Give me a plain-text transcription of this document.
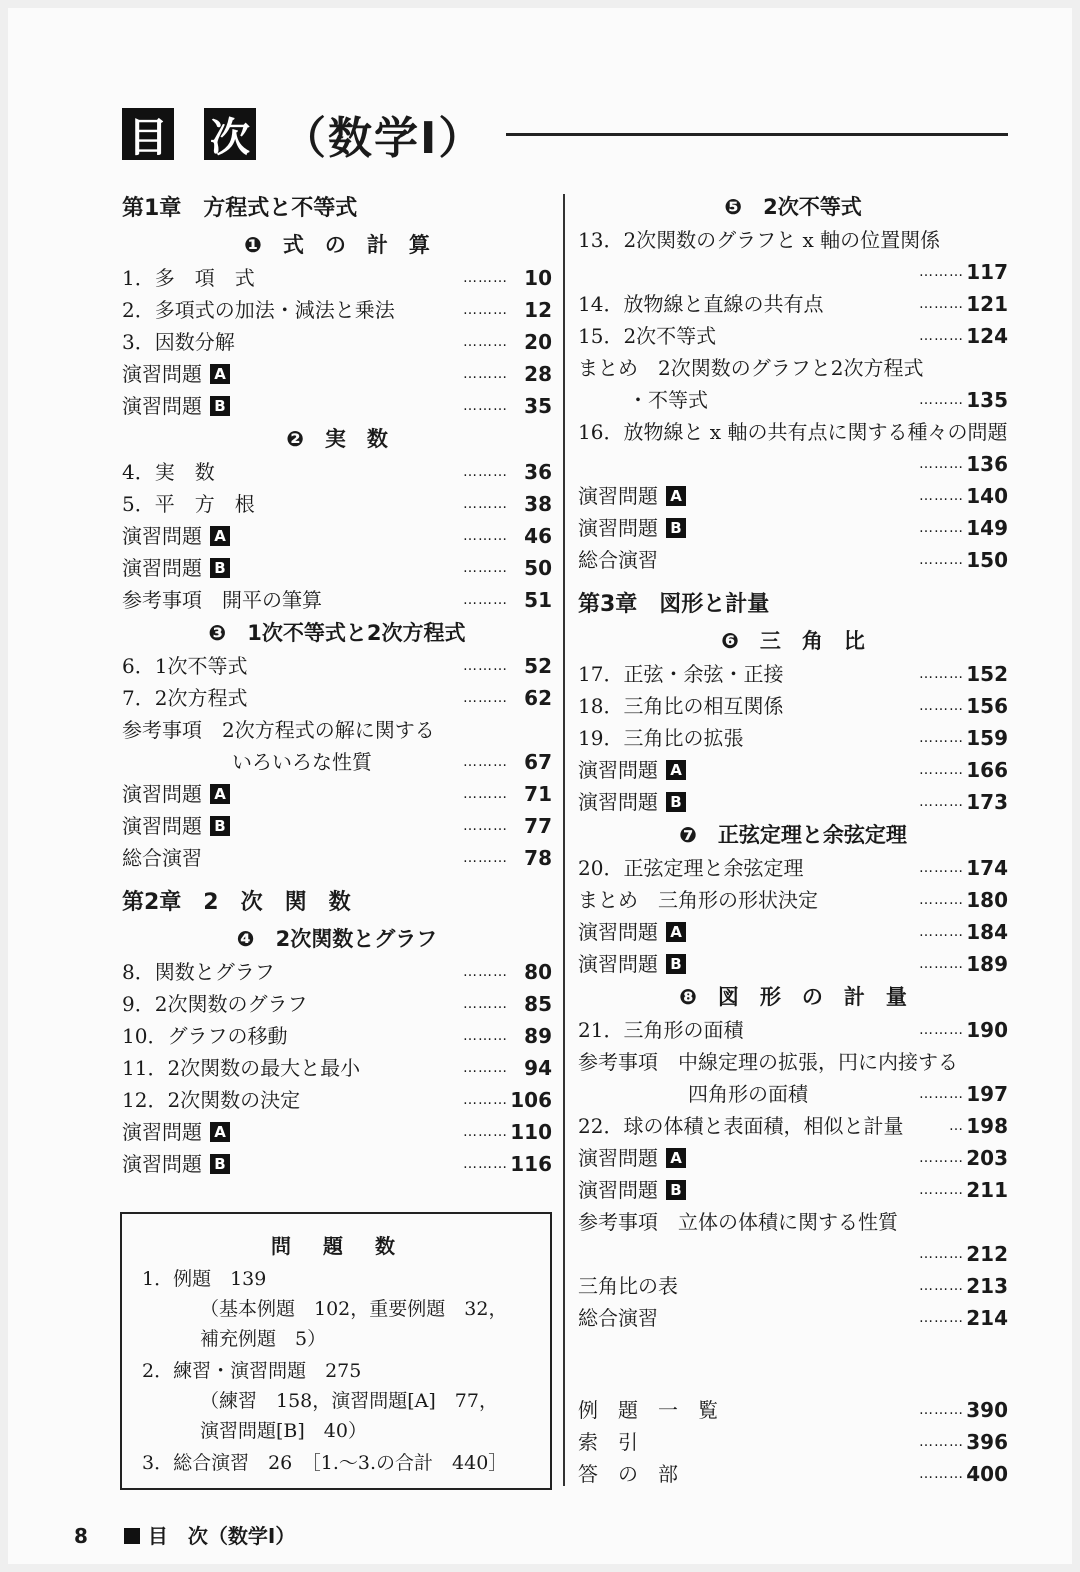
目 次 （数学Ⅰ）
第1章　方程式と不等式
❶　式　の　計　算
1．多　項　式	……… 10
2．多項式の加法・減法と乗法	……… 12
3．因数分解	……… 20
演習問題 A	……… 28
演習問題 B	……… 35
❷　実　数
4．実　数	……… 36
5．平　方　根	……… 38
演習問題 A	……… 46
演習問題 B	……… 50
参考事項　開平の筆算	……… 51
❸　1次不等式と2次方程式
6．1次不等式	……… 52
7．2次方程式	……… 62
参考事項　2次方程式の解に関する
いろいろな性質	……… 67
演習問題 A	……… 71
演習問題 B	……… 77
総合演習	……… 78
第2章　2　次　関　数
❹　2次関数とグラフ
8．関数とグラフ	……… 80
9．2次関数のグラフ	……… 85
10．グラフの移動	……… 89
11．2次関数の最大と最小	……… 94
12．2次関数の決定	……… 106
演習問題 A	……… 110
演習問題 B	……… 116
❺　2次不等式
13．2次関数のグラフと x 軸の位置関係
……… 117
14．放物線と直線の共有点	……… 121
15．2次不等式	……… 124
まとめ　2次関数のグラフと2次方程式
・不等式	……… 135
16．放物線と x 軸の共有点に関する種々の問題
……… 136
演習問題 A	……… 140
演習問題 B	……… 149
総合演習	……… 150
第3章　図形と計量
❻　三　角　比
17．正弦・余弦・正接	……… 152
18．三角比の相互関係	……… 156
19．三角比の拡張	……… 159
演習問題 A	……… 166
演習問題 B	……… 173
❼　正弦定理と余弦定理
20．正弦定理と余弦定理	……… 174
まとめ　三角形の形状決定	……… 180
演習問題 A	……… 184
演習問題 B	……… 189
❽　図　形　の　計　量
21．三角形の面積	……… 190
参考事項　中線定理の拡張，円に内接する
四角形の面積	……… 197
22．球の体積と表面積，相似と計量	… 198
演習問題 A	……… 203
演習問題 B	……… 211
参考事項　立体の体積に関する性質
……… 212
三角比の表	……… 213
総合演習	……… 214
例　題　一　覧	……… 390
索　引	……… 396
答　の　部	……… 400
問　題　数
1．例題　139
（基本例題　102，重要例題　32，
補充例題　5）
2．練習・演習問題　275
（練習　158，演習問題[A]　77，
演習問題[B]　40）
3．総合演習　26　［1.～3.の合計　440］
8	目　次（数学Ⅰ）
